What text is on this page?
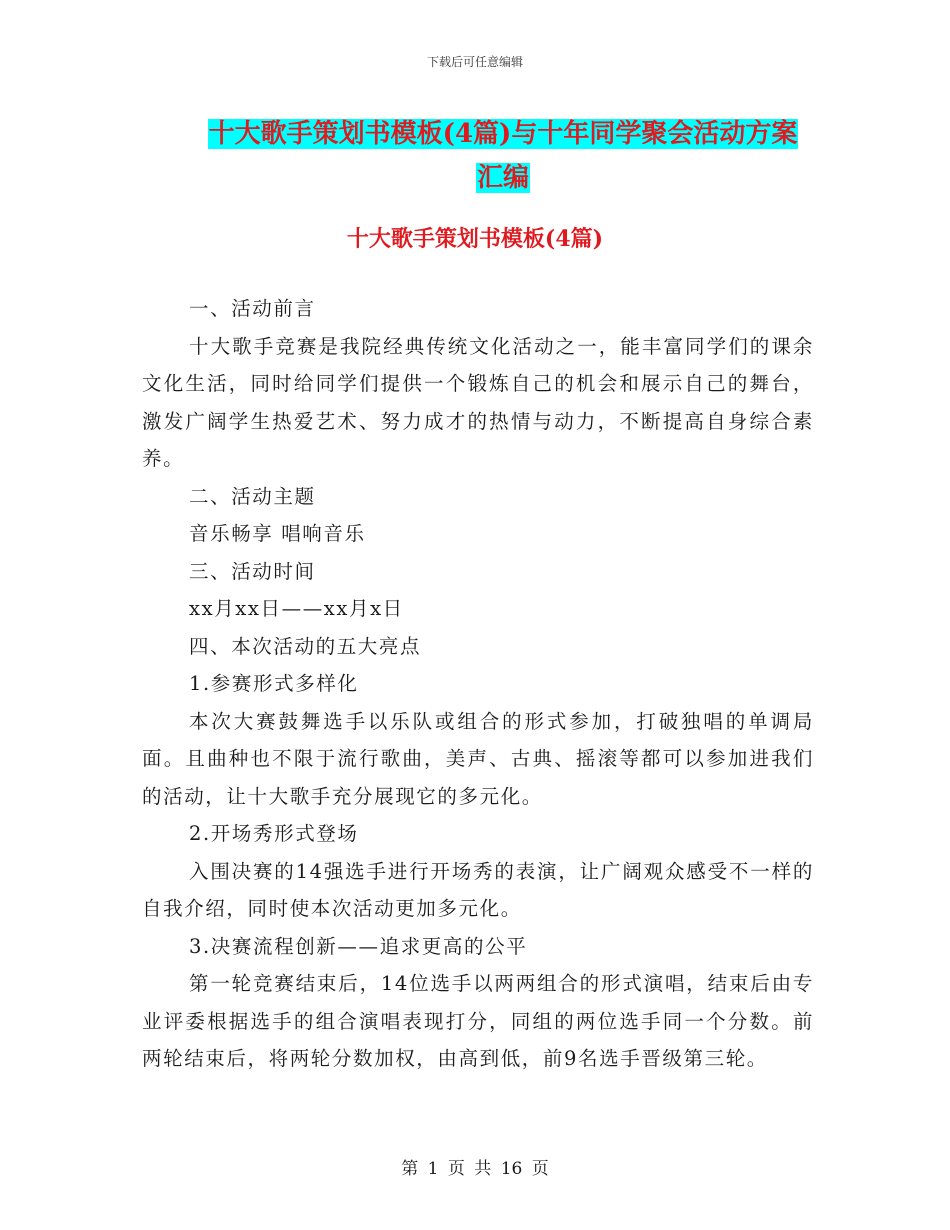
下载后可任意编辑
十大歌手策划书模板(4篇)与十年同学聚会活动方案
汇编
十大歌手策划书模板(4篇)

一、活动前言

十大歌手竞赛是我院经典传统文化活动之一，能丰富同学们的课余文化生活，同时给同学们提供一个锻炼自己的机会和展示自己的舞台，激发广阔学生热爱艺术、努力成才的热情与动力，不断提高自身综合素养。

二、活动主题

音乐畅享 唱响音乐

三、活动时间

xx月xx日——xx月x日

四、本次活动的五大亮点

1.参赛形式多样化

本次大赛鼓舞选手以乐队或组合的形式参加，打破独唱的单调局面。且曲种也不限于流行歌曲，美声、古典、摇滚等都可以参加进我们的活动，让十大歌手充分展现它的多元化。

2.开场秀形式登场

入围决赛的14强选手进行开场秀的表演，让广阔观众感受不一样的自我介绍，同时使本次活动更加多元化。

3.决赛流程创新——追求更高的公平

第一轮竞赛结束后，14位选手以两两组合的形式演唱，结束后由专业评委根据选手的组合演唱表现打分，同组的两位选手同一个分数。前两轮结束后，将两轮分数加权，由高到低，前9名选手晋级第三轮。

第 1 页 共 16 页
